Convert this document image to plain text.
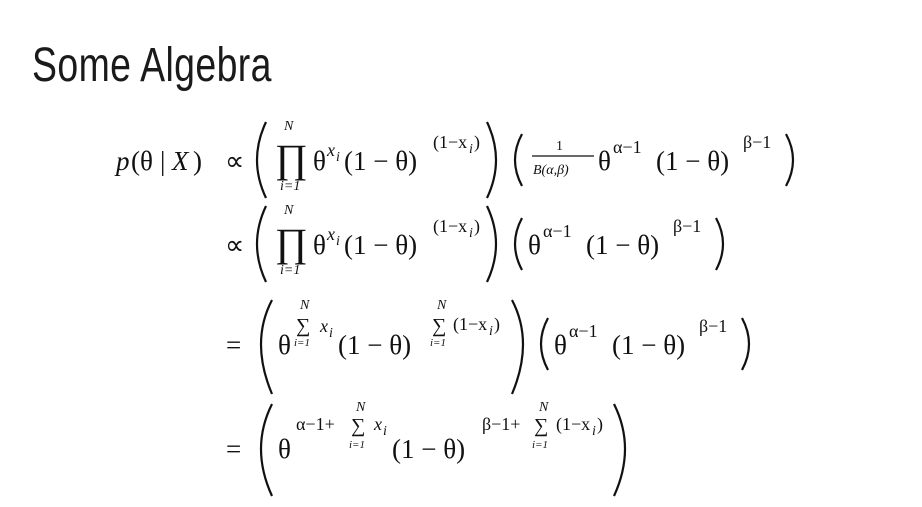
Some Algebra
p ( θ | X ) ∝
N
∏
i=1
θ x i (1 − θ)
(1−x i )	1
B(α,β) θ α−1 (1 − θ)
β−1
∝
N
∏
i=1
θ x i (1 − θ)
(1−x i )
θ α−1 (1 − θ)
β−1
= θ
N
∑
i=1
x i (1 − θ)
N
∑
i=1
(1−x i )
θ α−1 (1 − θ)
β−1
= θ
α−1+
N
∑
i=1
x i
(1 − θ)
β−1+
N
∑
i=1
(1−x i )
